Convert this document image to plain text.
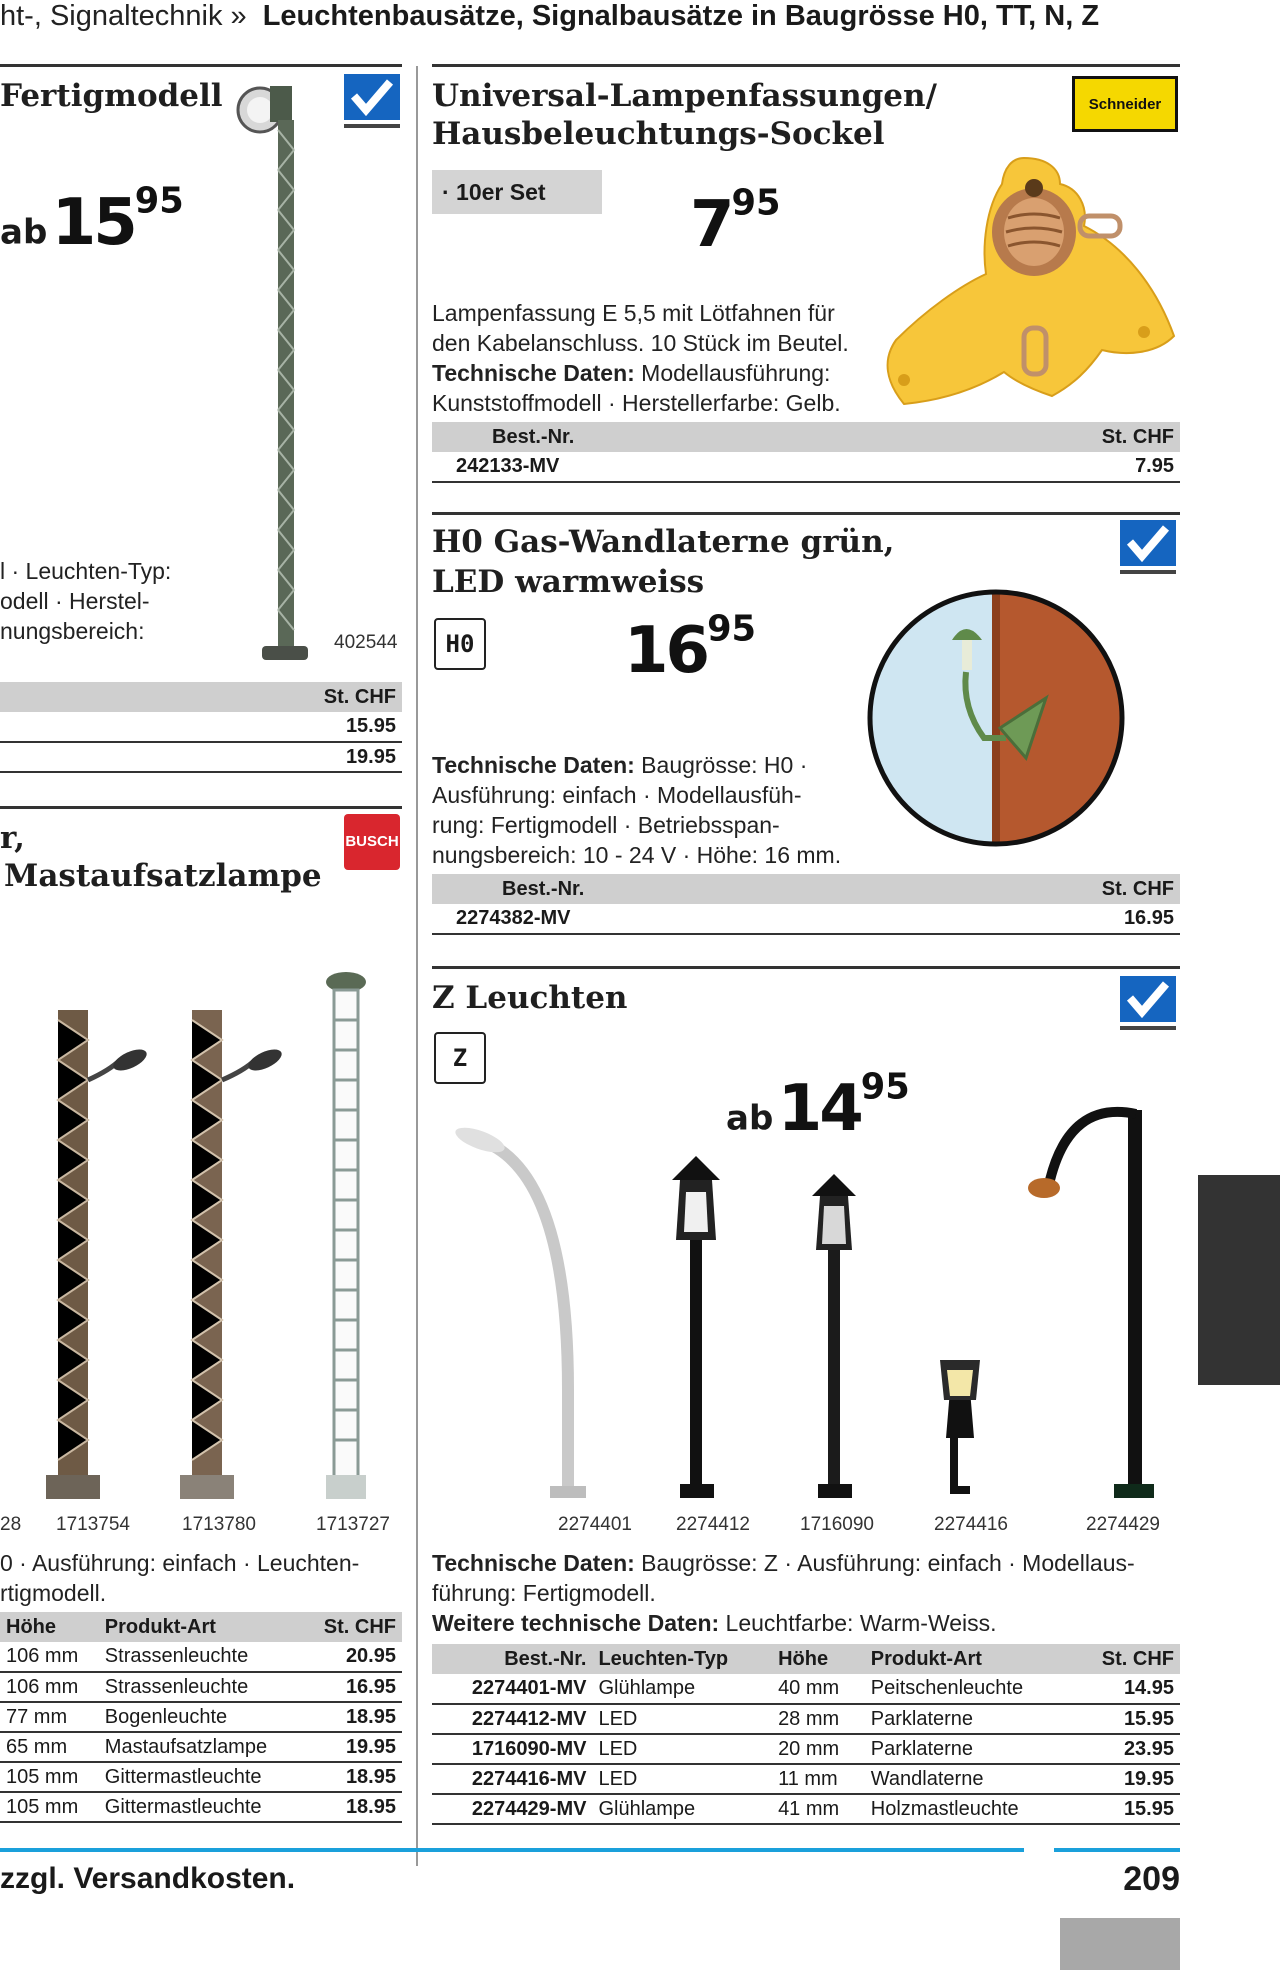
ht-, Signaltechnik » Leuchtenbausätze, Signalbausätze in Baugrösse H0, TT, N, Z
Fertigmodell
ab $15^{95}$
l · Leuchten-Typ:
odell · Herstel-
nungsbereich:	402544
	St. CHF
	15.95
	19.95
r,
Mastaufsatzlampe
BUSCH
28 1713754	1713780	1713727
0 · Ausführung: einfach · Leuchten-
rtigmodell.
Höhe	Produkt-Art	St. CHF
106 mm	Strassenleuchte	20.95
106 mm	Strassenleuchte	16.95
77 mm	Bogenleuchte	18.95
65 mm	Mastaufsatzlampe	19.95
105 mm	Gittermastleuchte	18.95
105 mm	Gittermastleuchte	18.95
Universal-Lampenfassungen/
Hausbeleuchtungs-Sockel
Schneider
· 10er Set	$7^{95}$
Lampenfassung E 5,5 mit Lötfahnen für
den Kabelanschluss. 10 Stück im Beutel.
Technische Daten: Modellausführung:
Kunststoffmodell · Herstellerfarbe: Gelb.
Best.-Nr.	St. CHF
242133-MV	7.95
H0 Gas-Wandlaterne grün,
LED warmweiss
H0 $16^{95}$
Technische Daten: Baugrösse: H0 ·
Ausführung: einfach · Modellausfüh-
rung: Fertigmodell · Betriebsspan-
nungsbereich: 10 - 24 V · Höhe: 16 mm.
Best.-Nr.	St. CHF
2274382-MV	16.95
Z Leuchten
Z
ab $14^{95}$
2274401 2274412	1716090	2274416	2274429
Technische Daten: Baugrösse: Z · Ausführung: einfach · Modellaus-
führung: Fertigmodell.
Weitere technische Daten: Leuchtfarbe: Warm-Weiss.
Best.-Nr.	Leuchten-Typ	Höhe	Produkt-Art	St. CHF
2274401-MV	Glühlampe	40 mm	Peitschenleuchte	14.95
2274412-MV	LED	28 mm	Parklaterne	15.95
1716090-MV	LED	20 mm	Parklaterne	23.95
2274416-MV	LED	11 mm	Wandlaterne	19.95
2274429-MV	Glühlampe	41 mm	Holzmastleuchte	15.95
zzgl. Versandkosten.	209
